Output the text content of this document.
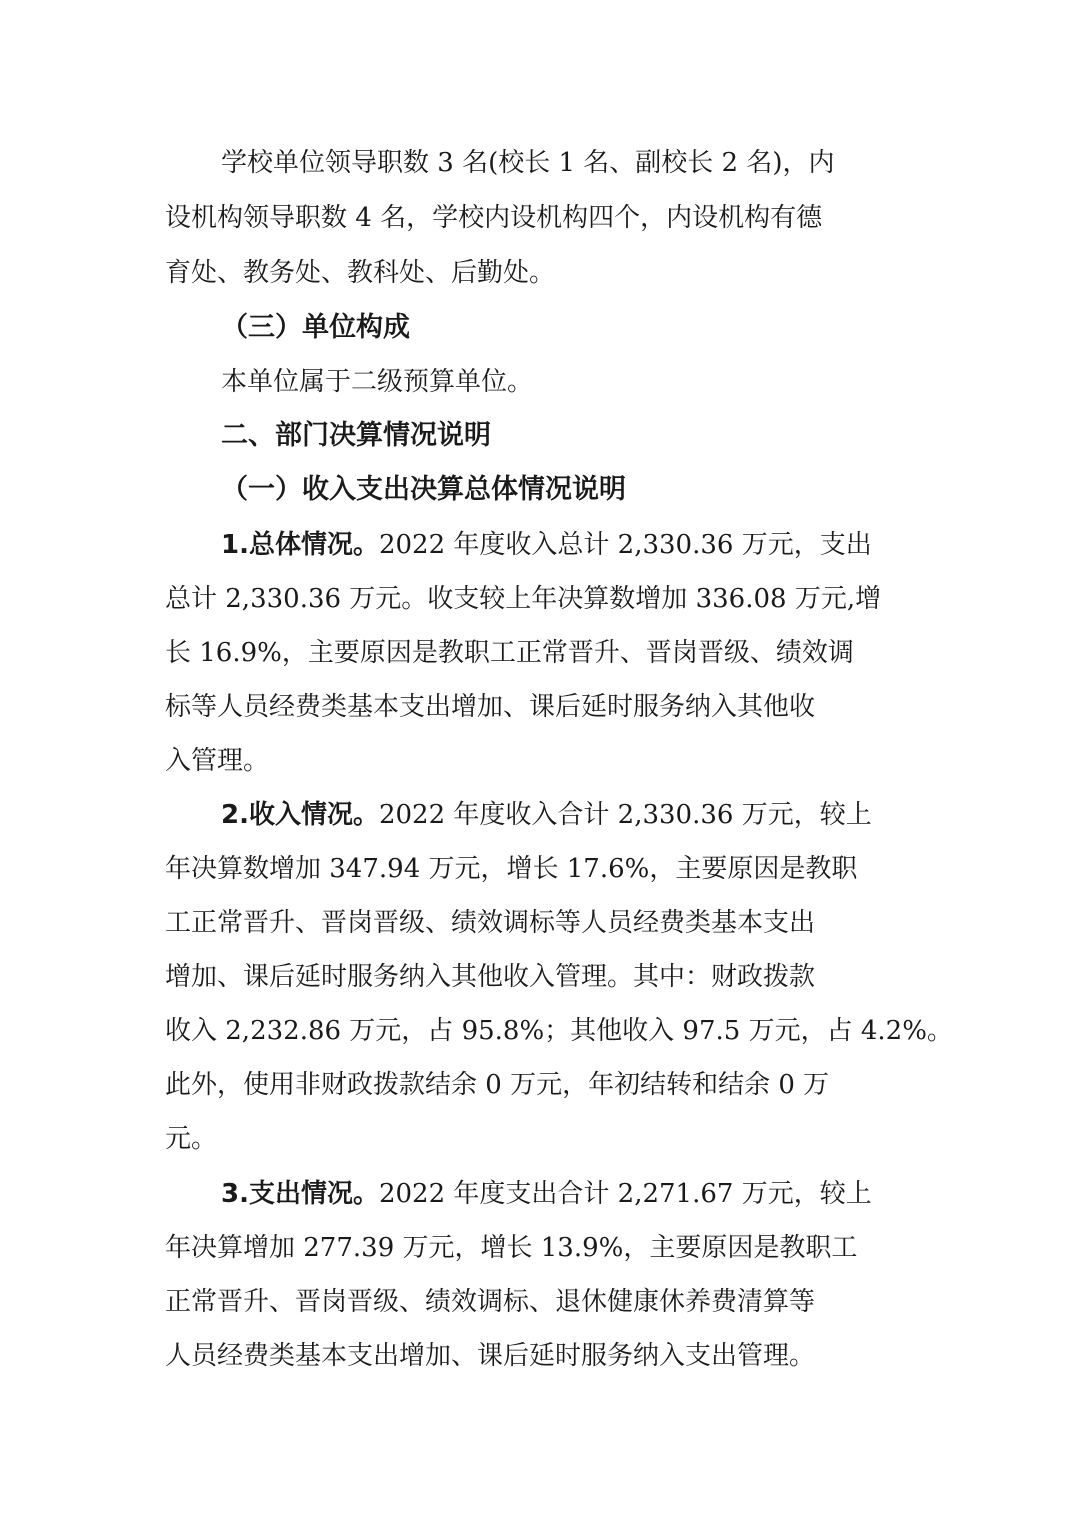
学校单位领导职数 3 名(校长 1 名、副校长 2 名)，内
设机构领导职数 4 名，学校内设机构四个，内设机构有德
育处、教务处、教科处、后勤处。
（三）单位构成
本单位属于二级预算单位。
二、部门决算情况说明
（一）收入支出决算总体情况说明
1.总体情况。2022 年度收入总计 2,330.36 万元，支出
总计 2,330.36 万元。收支较上年决算数增加 336.08 万元,增
长 16.9%，主要原因是教职工正常晋升、晋岗晋级、绩效调
标等人员经费类基本支出增加、课后延时服务纳入其他收
入管理。
2.收入情况。2022 年度收入合计 2,330.36 万元，较上
年决算数增加 347.94 万元，增长 17.6%，主要原因是教职
工正常晋升、晋岗晋级、绩效调标等人员经费类基本支出
增加、课后延时服务纳入其他收入管理。其中：财政拨款
收入 2,232.86 万元，占 95.8%；其他收入 97.5 万元，占 4.2%。
此外，使用非财政拨款结余 0 万元，年初结转和结余 0 万
元。
3.支出情况。2022 年度支出合计 2,271.67 万元，较上
年决算增加 277.39 万元，增长 13.9%，主要原因是教职工
正常晋升、晋岗晋级、绩效调标、退休健康休养费清算等
人员经费类基本支出增加、课后延时服务纳入支出管理。
